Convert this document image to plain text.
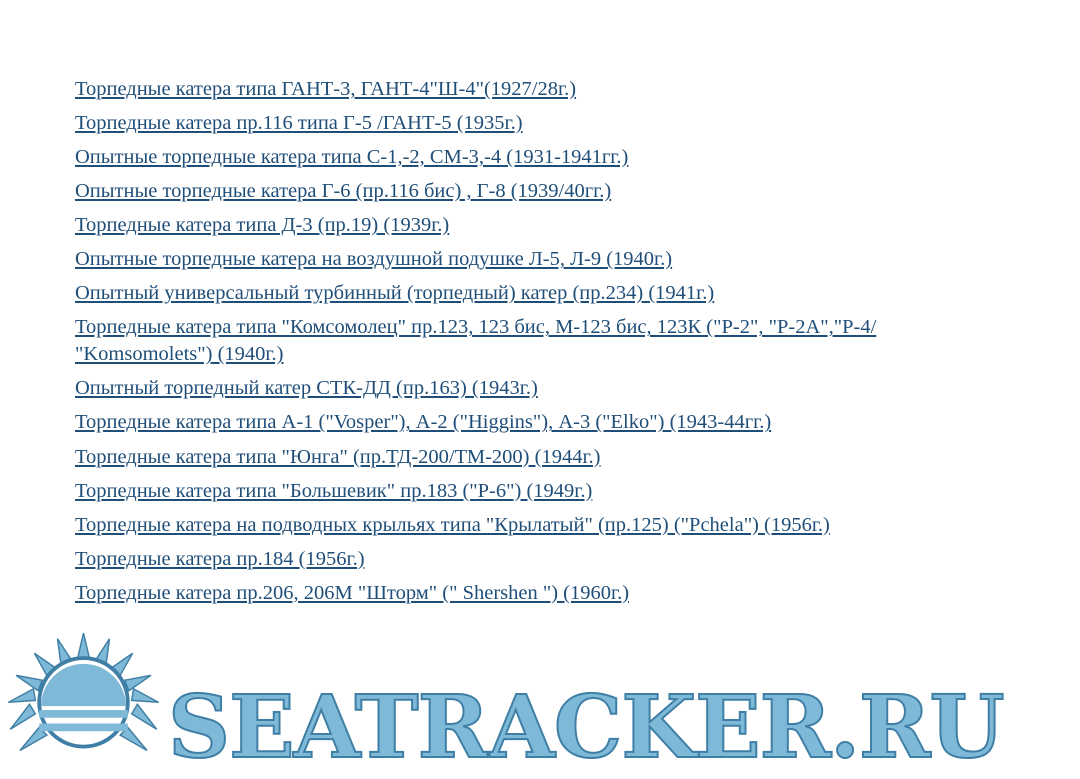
Торпедные катера типа ГАНТ-3, ГАНТ-4"Ш-4"(1927/28г.)
Торпедные катера пр.116 типа Г-5 /ГАНТ-5 (1935г.)
Опытные торпедные катера типа С-1,-2, СМ-3,-4 (1931-1941гг.)
Опытные торпедные катера Г-6 (пр.116 бис) , Г-8 (1939/40гг.)
Торпедные катера типа Д-3 (пр.19) (1939г.)
Опытные торпедные катера на воздушной подушке Л-5, Л-9 (1940г.)
Опытный универсальный турбинный (торпедный) катер (пр.234) (1941г.)
Торпедные катера типа "Комсомолец" пр.123, 123 бис, М-123 бис, 123К ("Р-2", "Р-2А","Р-4/ "Komsomolets") (1940г.)
Опытный торпедный катер СТК-ДД (пр.163) (1943г.)
Торпедные катера типа А-1 ("Vosper"), А-2 ("Higgins"), А-3 ("Elko") (1943-44гг.)
Торпедные катера типа "Юнга" (пр.ТД-200/ТМ-200) (1944г.)
Торпедные катера типа "Большевик" пр.183 ("Р-6") (1949г.)
Торпедные катера на подводных крыльях типа "Крылатый" (пр.125) ("Pchela") (1956г.)
Торпедные катера пр.184 (1956г.)
Торпедные катера пр.206, 206М "Шторм" (" Shershen ") (1960г.)
SEATRACKER.RU
